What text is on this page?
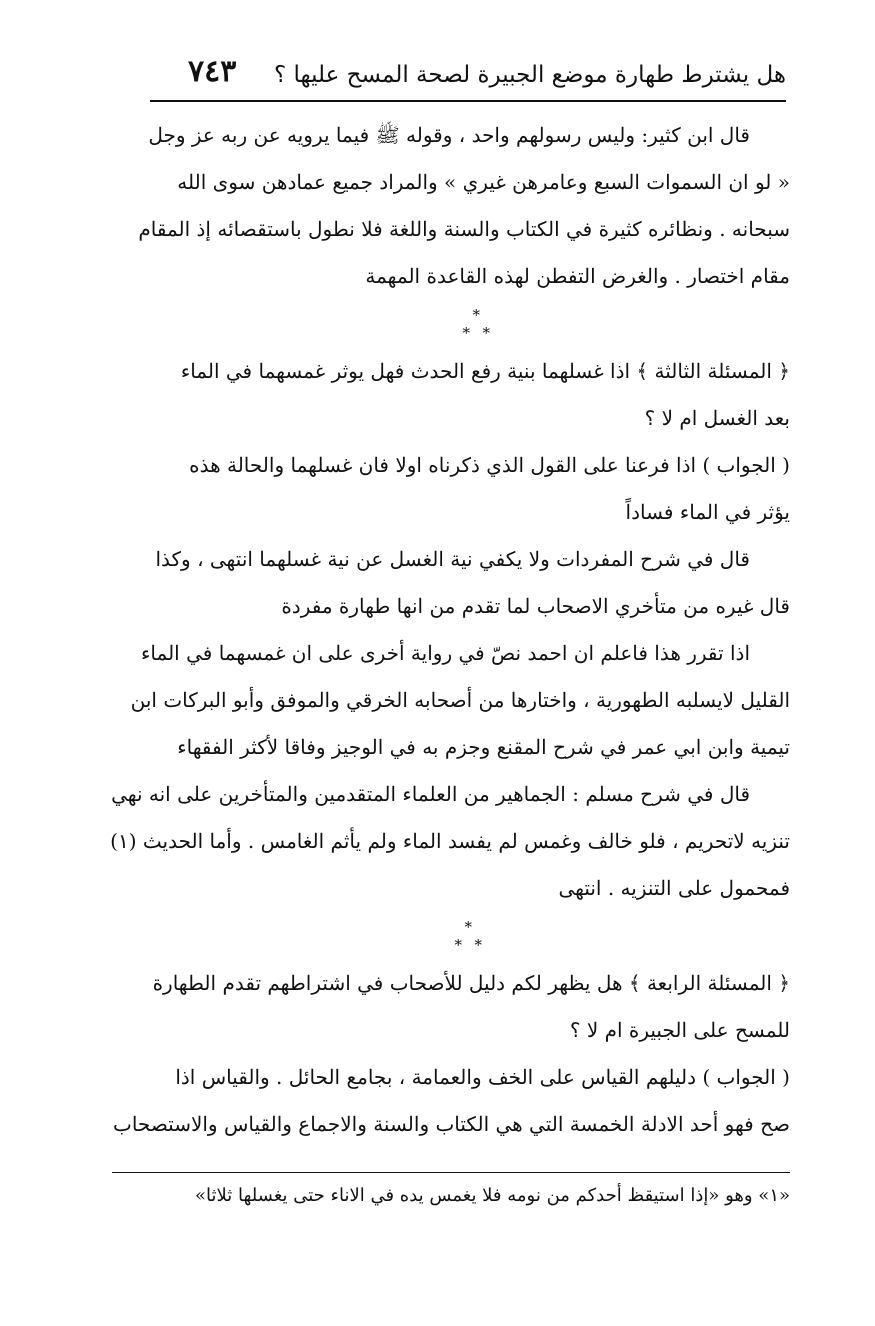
هل يشترط طهارة موضع الجبيرة لصحة المسح عليها ؟
٧٤٣
قال ابن كثير: وليس رسولهم واحد ، وقوله ﷺ فيما يرويه عن ربه عز وجل
« لو ان السموات السبع وعامرهن غيري » والمراد جميع عمادهن سوى الله
سبحانه . ونظائره كثيرة في الكتاب والسنة واللغة فلا نطول باستقصائه إذ المقام
مقام اختصار . والغرض التفطن لهذه القاعدة المهمة
*
*
*
﴿ المسئلة الثالثة ﴾ اذا غسلهما بنية رفع الحدث فهل يوثر غمسهما في الماء
بعد الغسل ام لا ؟
( الجواب ) اذا فرعنا على القول الذي ذكرناه اولا فان غسلهما والحالة هذه
يؤثر في الماء فساداً
قال في شرح المفردات ولا يكفي نية الغسل عن نية غسلهما انتهى ، وكذا
قال غيره من متأخري الاصحاب لما تقدم من انها طهارة مفردة
اذا تقرر هذا فاعلم ان احمد نصّ في رواية أخرى على ان غمسهما في الماء
القليل لايسلبه الطهورية ، واختارها من أصحابه الخرقي والموفق وأبو البركات ابن
تيمية وابن ابي عمر في شرح المقنع وجزم به في الوجيز وفاقا لأكثر الفقهاء
قال في شرح مسلم : الجماهير من العلماء المتقدمين والمتأخرين على انه نهي
تنزيه لاتحريم ، فلو خالف وغمس لم يفسد الماء ولم يأثم الغامس . وأما الحديث (١)
فمحمول على التنزيه . انتهى
*
*
*
﴿ المسئلة الرابعة ﴾ هل يظهر لكم دليل للأصحاب في اشتراطهم تقدم الطهارة
للمسح على الجبيرة ام لا ؟
( الجواب ) دليلهم القياس على الخف والعمامة ، بجامع الحائل . والقياس اذا
صح فهو أحد الادلة الخمسة التي هي الكتاب والسنة والاجماع والقياس والاستصحاب
«١» وهو «إذا استيقظ أحدكم من نومه فلا يغمس يده في الاناء حتى يغسلها ثلاثا»
